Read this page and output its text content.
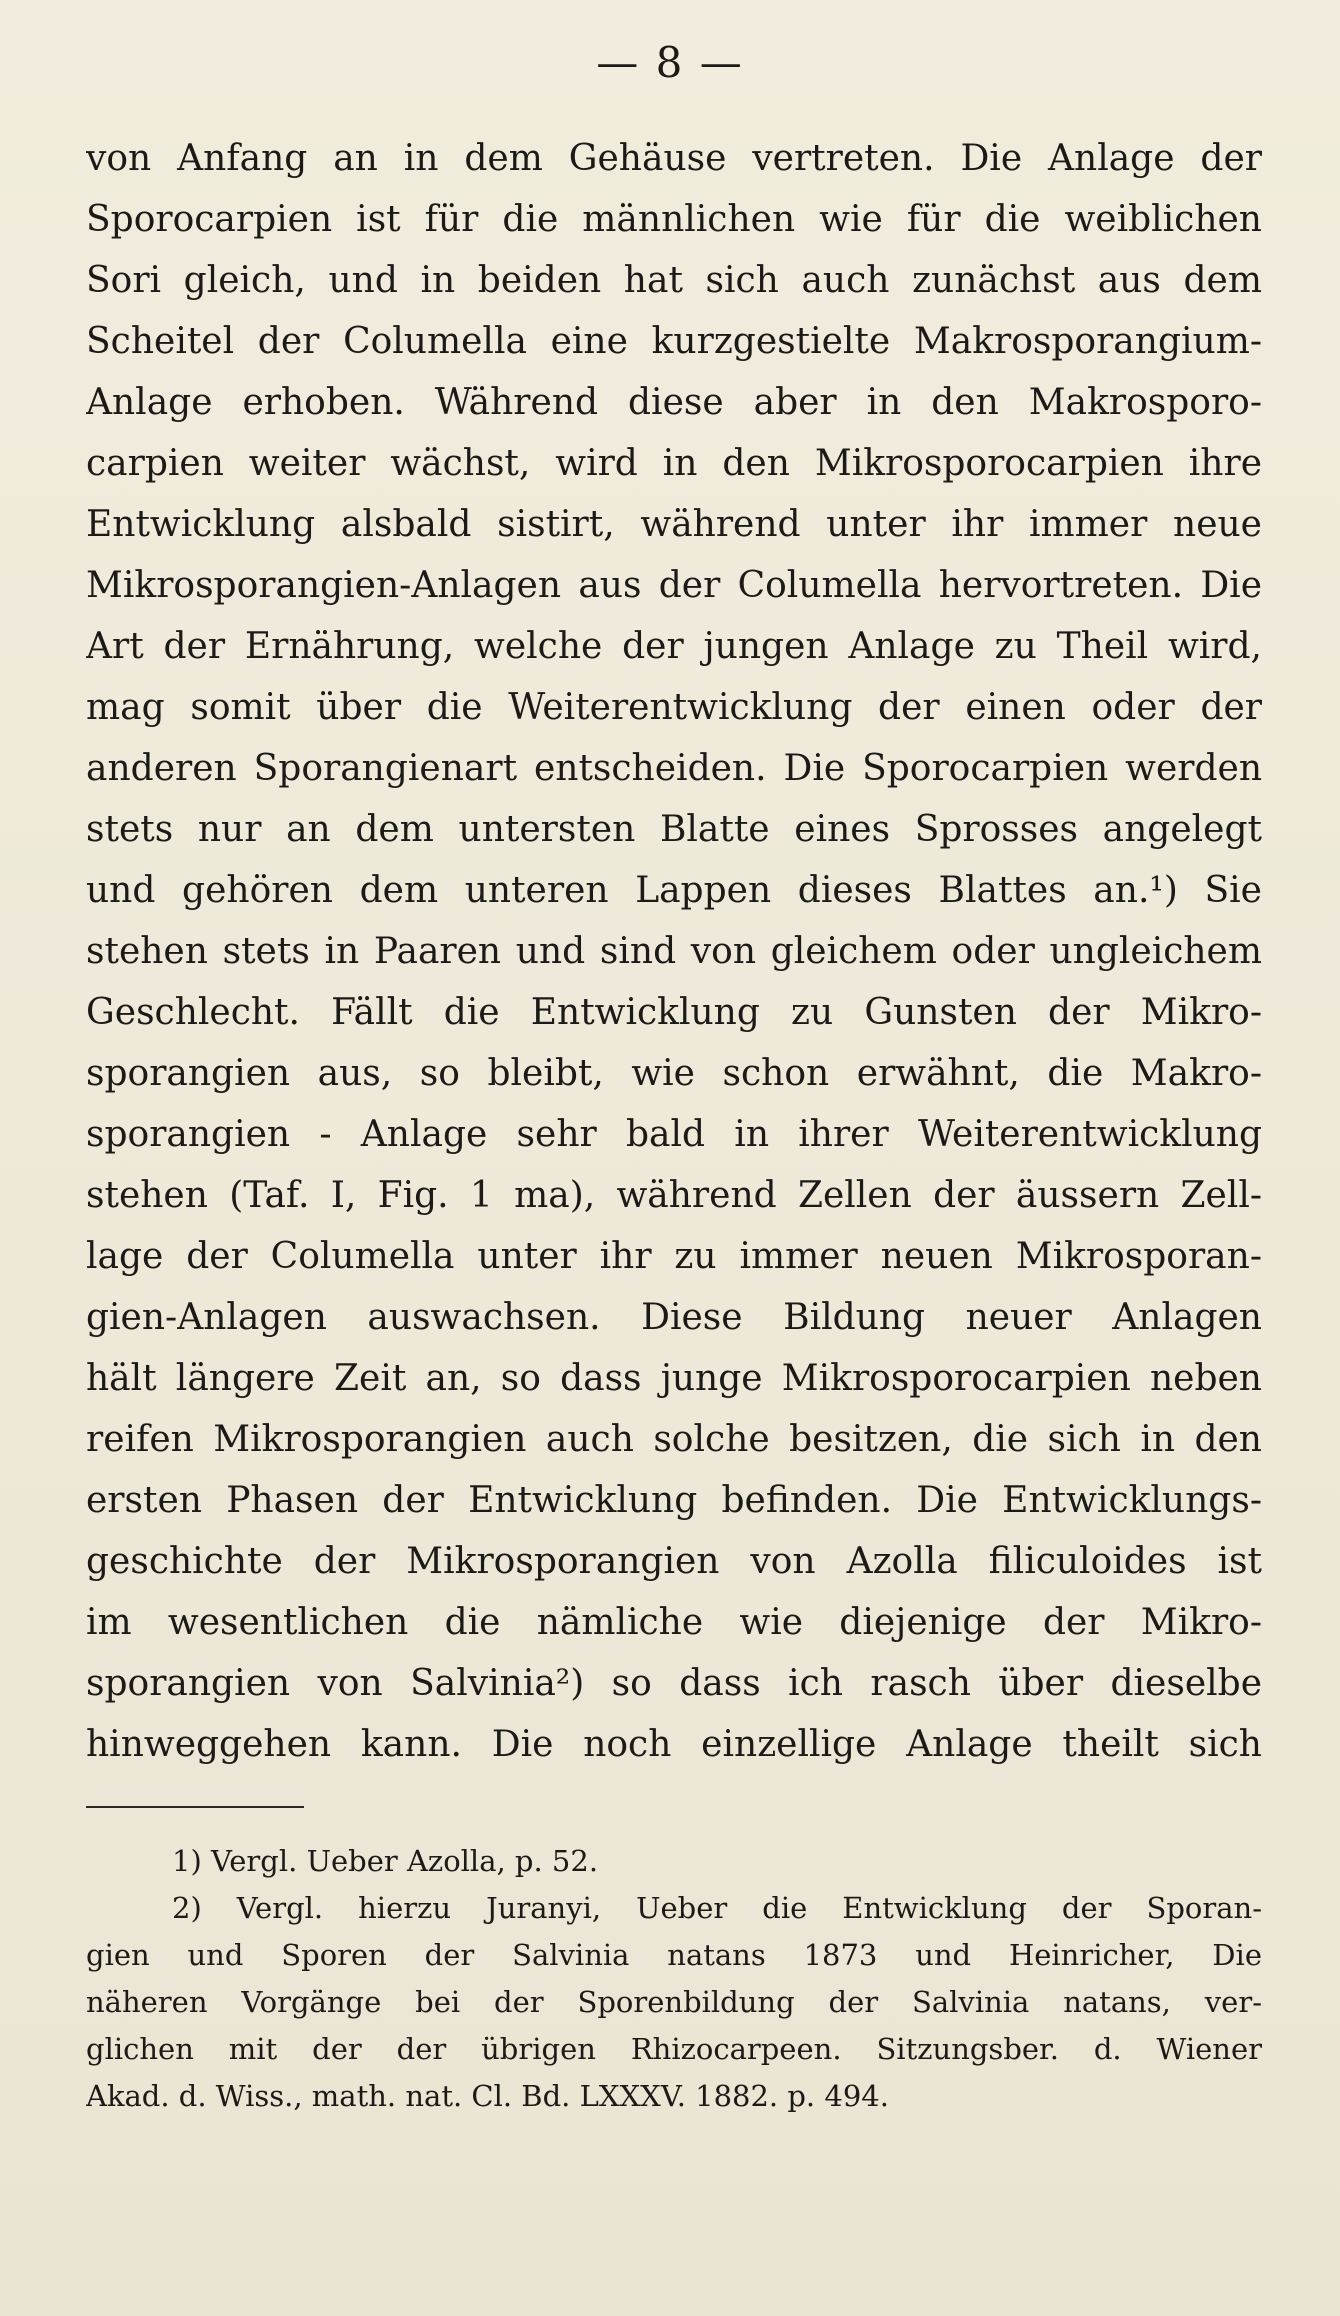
— 8 —
von Anfang an in dem Gehäuse vertreten. Die Anlage der
Sporocarpien ist für die männlichen wie für die weiblichen
Sori gleich, und in beiden hat sich auch zunächst aus dem
Scheitel der Columella eine kurzgestielte Makrosporangium-
Anlage erhoben. Während diese aber in den Makrosporo-
carpien weiter wächst, wird in den Mikrosporocarpien ihre
Entwicklung alsbald sistirt, während unter ihr immer neue
Mikrosporangien-Anlagen aus der Columella hervortreten. Die
Art der Ernährung, welche der jungen Anlage zu Theil wird,
mag somit über die Weiterentwicklung der einen oder der
anderen Sporangienart entscheiden. Die Sporocarpien werden
stets nur an dem untersten Blatte eines Sprosses angelegt
und gehören dem unteren Lappen dieses Blattes an.¹) Sie
stehen stets in Paaren und sind von gleichem oder ungleichem
Geschlecht. Fällt die Entwicklung zu Gunsten der Mikro-
sporangien aus, so bleibt, wie schon erwähnt, die Makro-
sporangien - Anlage sehr bald in ihrer Weiterentwicklung
stehen (Taf. I, Fig. 1 ma), während Zellen der äussern Zell-
lage der Columella unter ihr zu immer neuen Mikrosporan-
gien-Anlagen auswachsen. Diese Bildung neuer Anlagen
hält längere Zeit an, so dass junge Mikrosporocarpien neben
reifen Mikrosporangien auch solche besitzen, die sich in den
ersten Phasen der Entwicklung befinden. Die Entwicklungs-
geschichte der Mikrosporangien von Azolla filiculoides ist
im wesentlichen die nämliche wie diejenige der Mikro-
sporangien von Salvinia²) so dass ich rasch über dieselbe
hinweggehen kann. Die noch einzellige Anlage theilt sich
1) Vergl. Ueber Azolla, p. 52.
2) Vergl. hierzu Juranyi, Ueber die Entwicklung der Sporan-
gien und Sporen der Salvinia natans 1873 und Heinricher, Die
näheren Vorgänge bei der Sporenbildung der Salvinia natans, ver-
glichen mit der der übrigen Rhizocarpeen. Sitzungsber. d. Wiener
Akad. d. Wiss., math. nat. Cl. Bd. LXXXV. 1882. p. 494.
